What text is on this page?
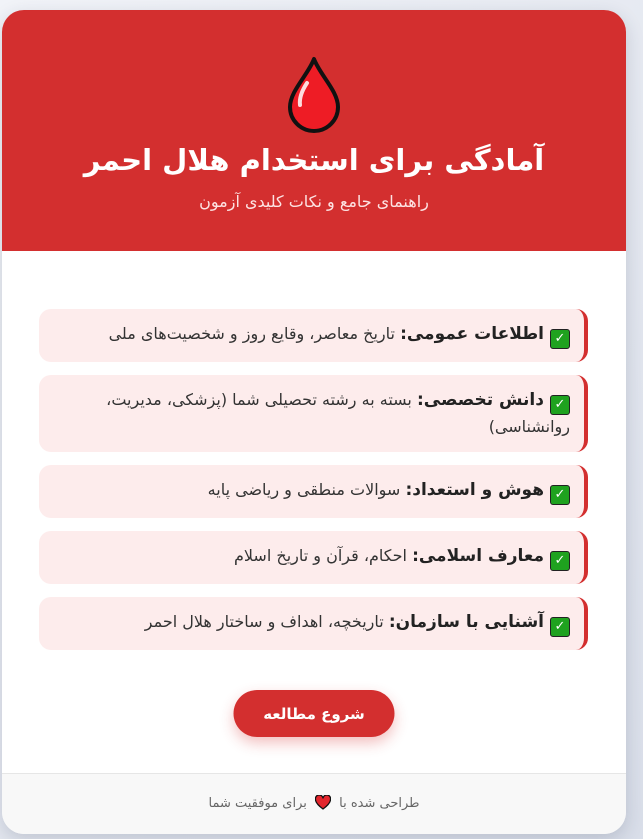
آمادگی برای استخدام هلال احمر

راهنمای جامع و نکات کلیدی آزمون

✓اطلاعات عمومی: تاریخ معاصر، وقایع روز و شخصیت‌های ملی
✓دانش تخصصی: بسته به رشته تحصیلی شما (پزشکی، مدیریت، روانشناسی)
✓هوش و استعداد: سوالات منطقی و ریاضی پایه
✓معارف اسلامی: احکام، قرآن و تاریخ اسلام
✓آشنایی با سازمان: تاریخچه، اهداف و ساختار هلال احمر
شروع مطالعه
طراحی شده با  برای موفقیت شما
